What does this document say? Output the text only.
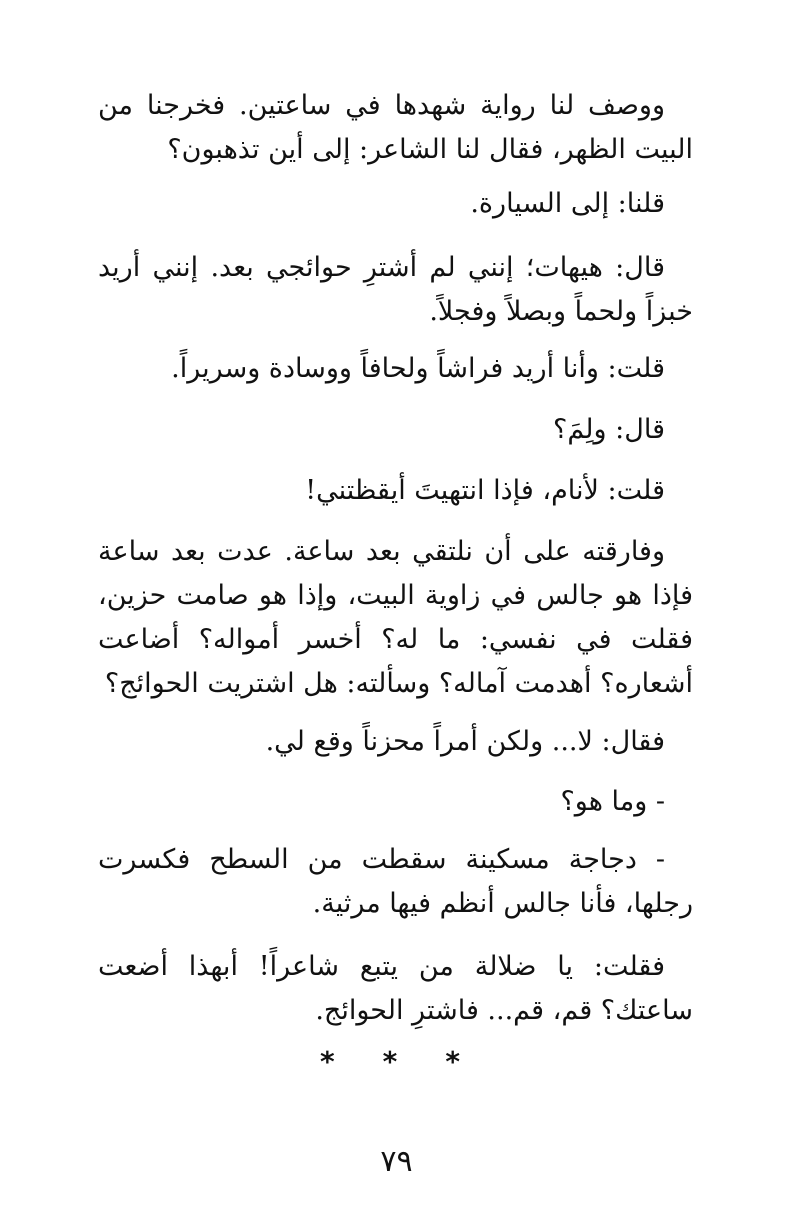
ووصف لنا رواية شهدها في ساعتين. فخرجنا من البيت الظهر، فقال لنا الشاعر: إلى أين تذهبون؟

قلنا: إلى السيارة.

قال: هيهات؛ إنني لم أشترِ حوائجي بعد. إنني أريد خبزاً ولحماً وبصلاً وفجلاً.

قلت: وأنا أريد فراشاً ولحافاً ووسادة وسريراً.

قال: ولِمَ؟

قلت: لأنام، فإذا انتهيتَ أيقظتني!

وفارقته على أن نلتقي بعد ساعة. عدت بعد ساعة فإذا هو جالس في زاوية البيت، وإذا هو صامت حزين، فقلت في نفسي: ما له؟ أخسر أمواله؟ أضاعت أشعاره؟ أهدمت آماله؟ وسألته: هل اشتريت الحوائج؟

فقال: لا... ولكن أمراً محزناً وقع لي.

- وما هو؟

- دجاجة مسكينة سقطت من السطح فكسرت رجلها، فأنا جالس أنظم فيها مرثية.

فقلت: يا ضلالة من يتبع شاعراً! أبهذا أضعت ساعتك؟ قم، قم... فاشترِ الحوائج.

* * *
٧٩
